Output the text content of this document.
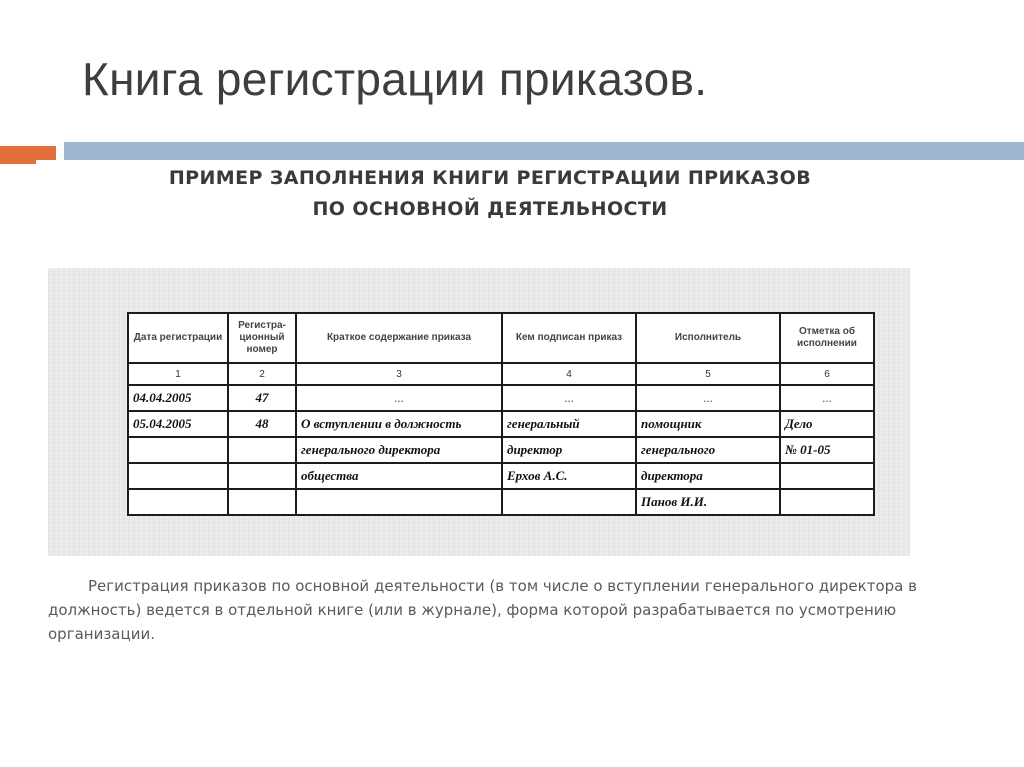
Книга регистрации приказов.
ПРИМЕР ЗАПОЛНЕНИЯ КНИГИ РЕГИСТРАЦИИ ПРИКАЗОВ
ПО ОСНОВНОЙ ДЕЯТЕЛЬНОСТИ
Дата регистрации	Регистра-ционный номер	Краткое содержание приказа	Кем подписан приказ	Исполнитель	Отметка об исполнении
1	2	3	4	5	6
04.04.2005	47	...	...	...	...
05.04.2005	48	О вступлении в должность	генеральный	помощник	Дело
		генерального директора	директор	генерального	№ 01-05
		общества	Ерхов А.С.	директора	
				Панов И.И.	
Регистрация приказов по основной деятельности (в том числе о вступлении генерального директора в должность) ведется в отдельной книге (или в журнале), форма которой разрабатывается по усмотрению организации.
